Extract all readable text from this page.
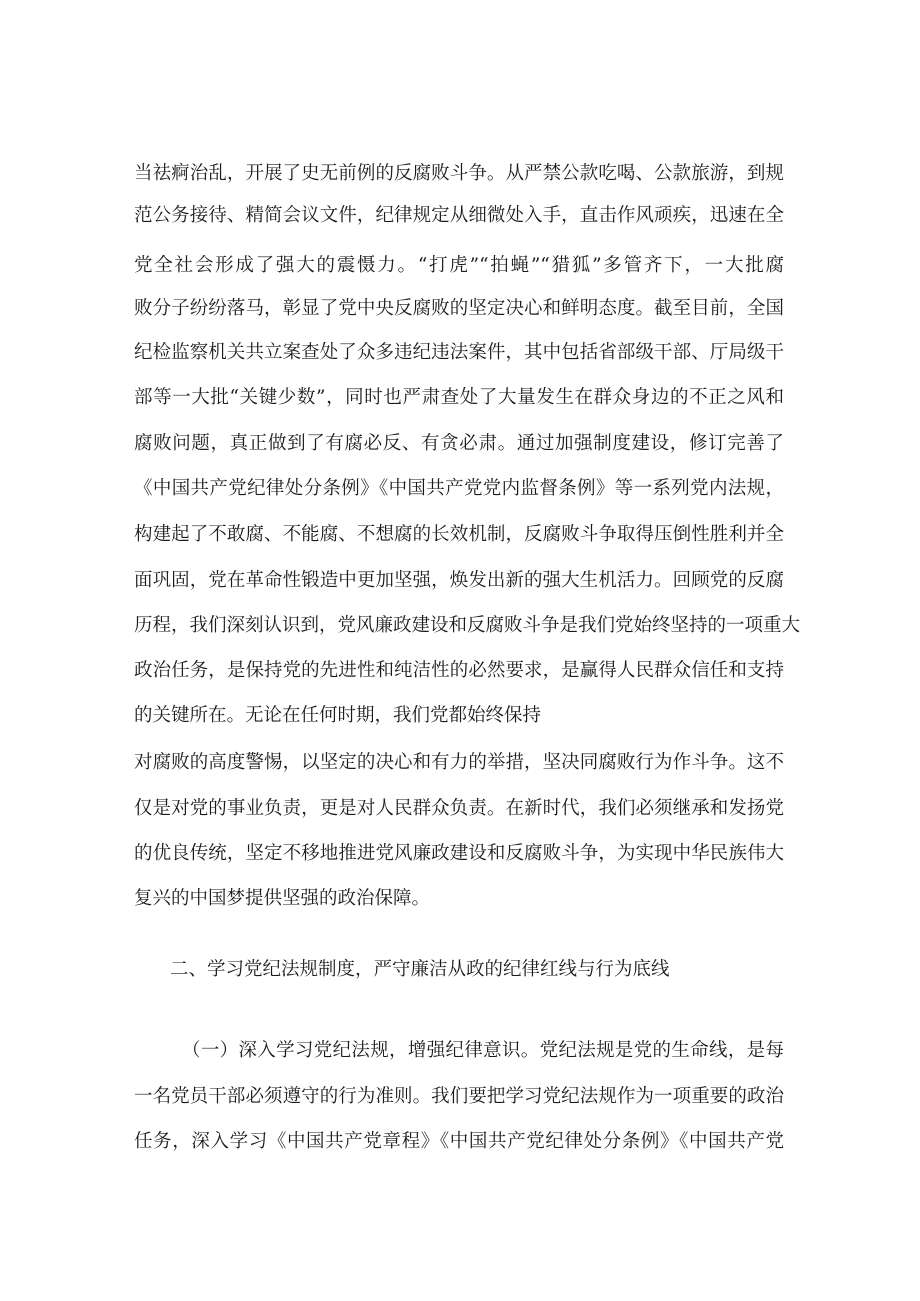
当祛痾治乱，开展了史无前例的反腐败斗争。从严禁公款吃喝、公款旅游，到规
范公务接待、精简会议文件，纪律规定从细微处入手，直击作风顽疾，迅速在全
党全社会形成了强大的震慑力。“打虎”“拍蝇”“猎狐”多管齐下，一大批腐
败分子纷纷落马，彰显了党中央反腐败的坚定决心和鲜明态度。截至目前，全国
纪检监察机关共立案查处了众多违纪违法案件，其中包括省部级干部、厅局级干
部等一大批“关键少数”，同时也严肃查处了大量发生在群众身边的不正之风和
腐败问题，真正做到了有腐必反、有贪必肃。通过加强制度建设，修订完善了
《中国共产党纪律处分条例》《中国共产党党内监督条例》等一系列党内法规，
构建起了不敢腐、不能腐、不想腐的长效机制，反腐败斗争取得压倒性胜利并全
面巩固，党在革命性锻造中更加坚强，焕发出新的强大生机活力。回顾党的反腐
历程，我们深刻认识到，党风廉政建设和反腐败斗争是我们党始终坚持的一项重大
政治任务，是保持党的先进性和纯洁性的必然要求，是赢得人民群众信任和支持
的关键所在。无论在任何时期，我们党都始终保持
对腐败的高度警惕，以坚定的决心和有力的举措，坚决同腐败行为作斗争。这不
仅是对党的事业负责，更是对人民群众负责。在新时代，我们必须继承和发扬党
的优良传统，坚定不移地推进党风廉政建设和反腐败斗争，为实现中华民族伟大
复兴的中国梦提供坚强的政治保障。
二、学习党纪法规制度，严守廉洁从政的纪律红线与行为底线
（一）深入学习党纪法规，增强纪律意识。党纪法规是党的生命线，是每
一名党员干部必须遵守的行为准则。我们要把学习党纪法规作为一项重要的政治
任务，深入学习《中国共产党章程》《中国共产党纪律处分条例》《中国共产党
